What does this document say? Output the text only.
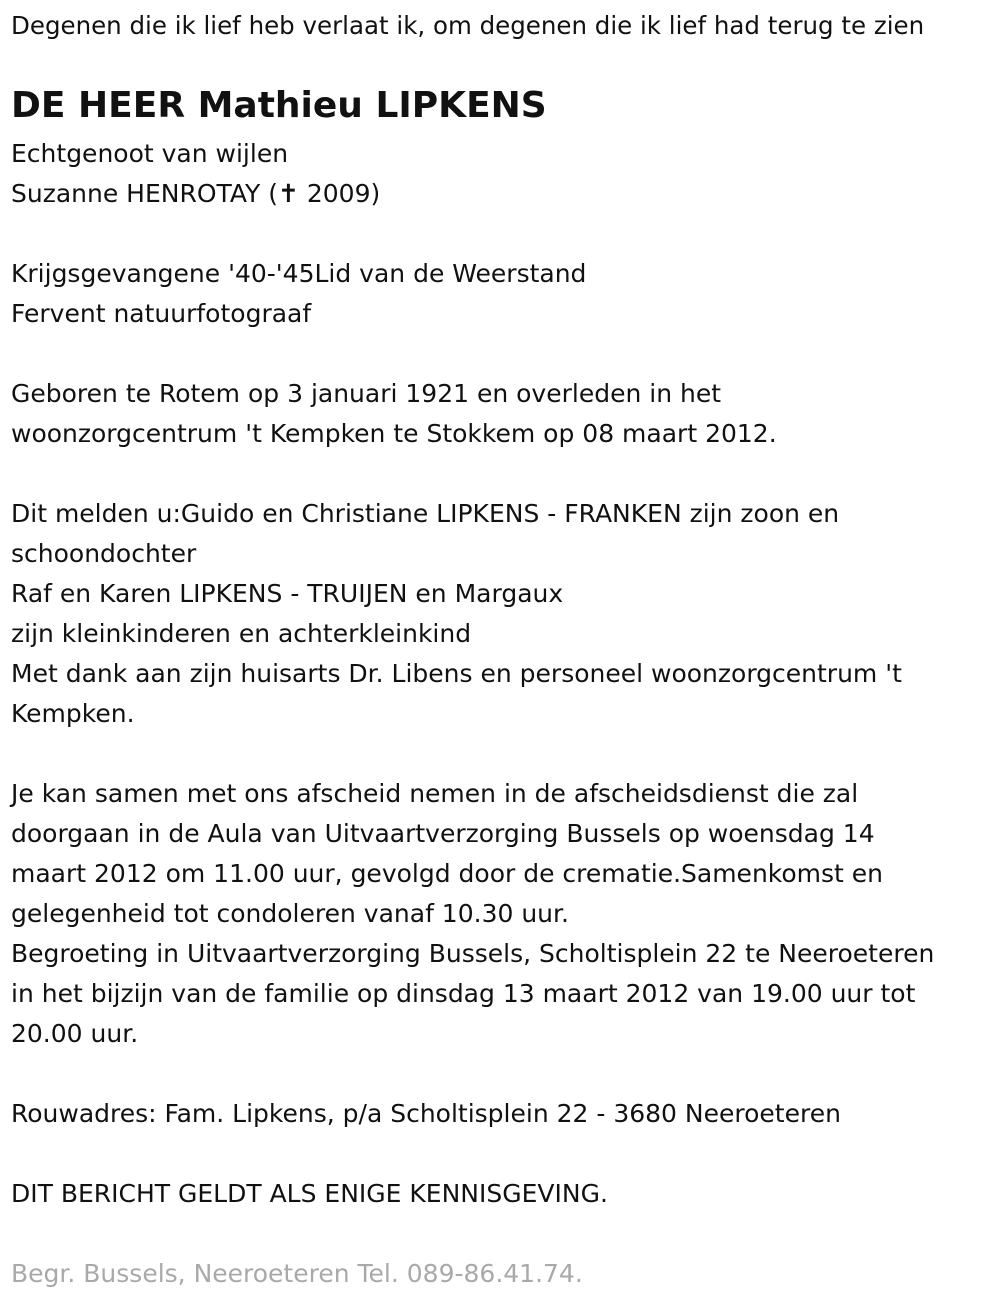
Degenen die ik lief heb verlaat ik, om degenen die ik lief had terug te zien
DE HEER Mathieu LIPKENS
Echtgenoot van wijlen
Suzanne HENROTAY (✝ 2009)
Krijgsgevangene '40-'45Lid van de Weerstand
Fervent natuurfotograaf
Geboren te Rotem op 3 januari 1921 en overleden in het
woonzorgcentrum 't Kempken te Stokkem op 08 maart 2012.
Dit melden u:Guido en Christiane LIPKENS - FRANKEN zijn zoon en
schoondochter
Raf en Karen LIPKENS - TRUIJEN en Margaux
zijn kleinkinderen en achterkleinkind
Met dank aan zijn huisarts Dr. Libens en personeel woonzorgcentrum 't
Kempken.
Je kan samen met ons afscheid nemen in de afscheidsdienst die zal
doorgaan in de Aula van Uitvaartverzorging Bussels op woensdag 14
maart 2012 om 11.00 uur, gevolgd door de crematie.Samenkomst en
gelegenheid tot condoleren vanaf 10.30 uur.
Begroeting in Uitvaartverzorging Bussels, Scholtisplein 22 te Neeroeteren
in het bijzijn van de familie op dinsdag 13 maart 2012 van 19.00 uur tot
20.00 uur.
Rouwadres: Fam. Lipkens, p/a Scholtisplein 22 - 3680 Neeroeteren
DIT BERICHT GELDT ALS ENIGE KENNISGEVING.
Begr. Bussels, Neeroeteren Tel. 089-86.41.74.
